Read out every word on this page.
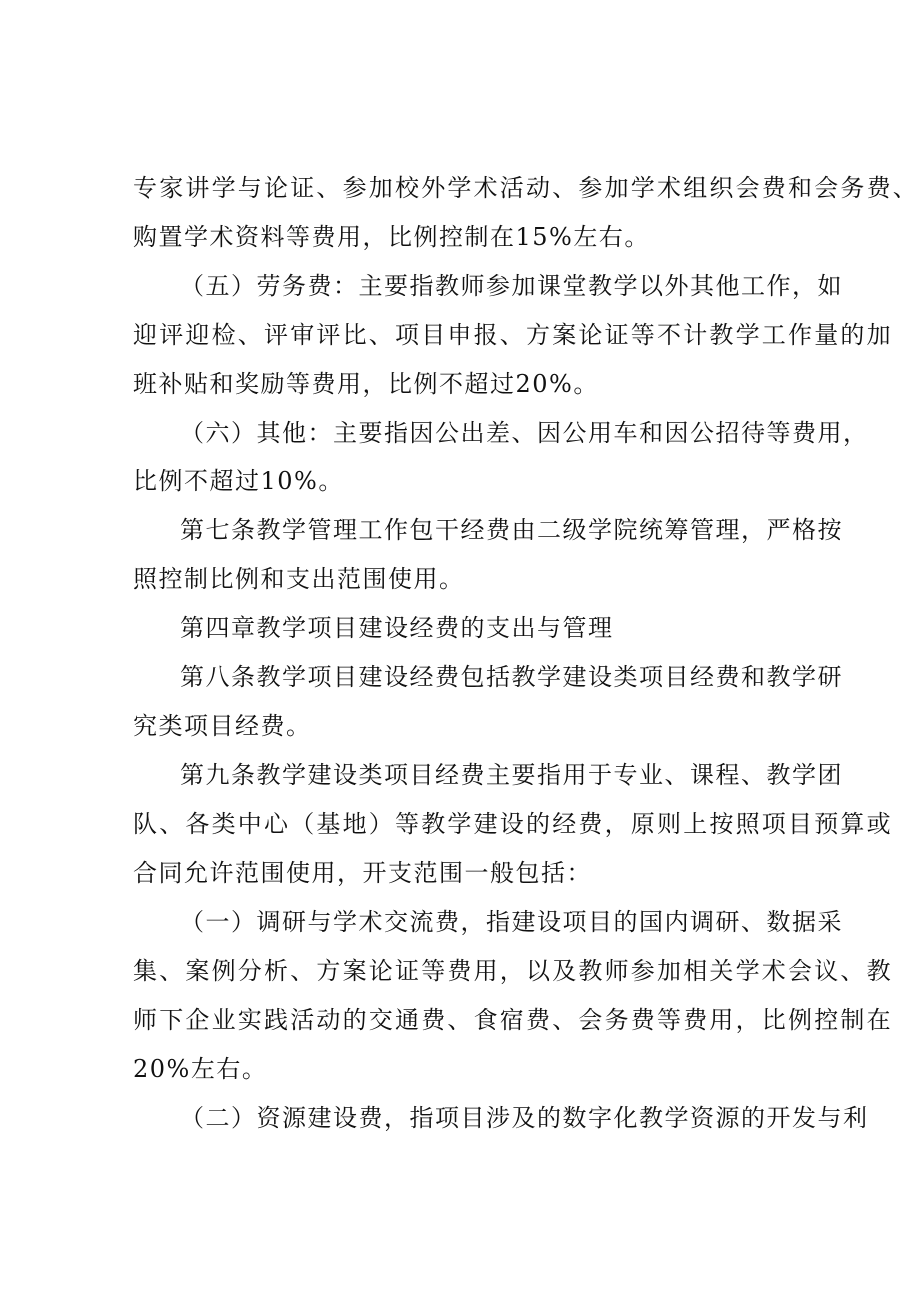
专家讲学与论证、参加校外学术活动、参加学术组织会费和会务费、

购置学术资料等费用，比例控制在15%左右。

（五）劳务费：主要指教师参加课堂教学以外其他工作，如

迎评迎检、评审评比、项目申报、方案论证等不计教学工作量的加

班补贴和奖励等费用，比例不超过20%。

（六）其他：主要指因公出差、因公用车和因公招待等费用，

比例不超过10%。

第七条教学管理工作包干经费由二级学院统筹管理，严格按

照控制比例和支出范围使用。

第四章教学项目建设经费的支出与管理

第八条教学项目建设经费包括教学建设类项目经费和教学研

究类项目经费。

第九条教学建设类项目经费主要指用于专业、课程、教学团

队、各类中心（基地）等教学建设的经费，原则上按照项目预算或

合同允许范围使用，开支范围一般包括：

（一）调研与学术交流费，指建设项目的国内调研、数据采

集、案例分析、方案论证等费用，以及教师参加相关学术会议、教

师下企业实践活动的交通费、食宿费、会务费等费用，比例控制在

20%左右。

（二）资源建设费，指项目涉及的数字化教学资源的开发与利
